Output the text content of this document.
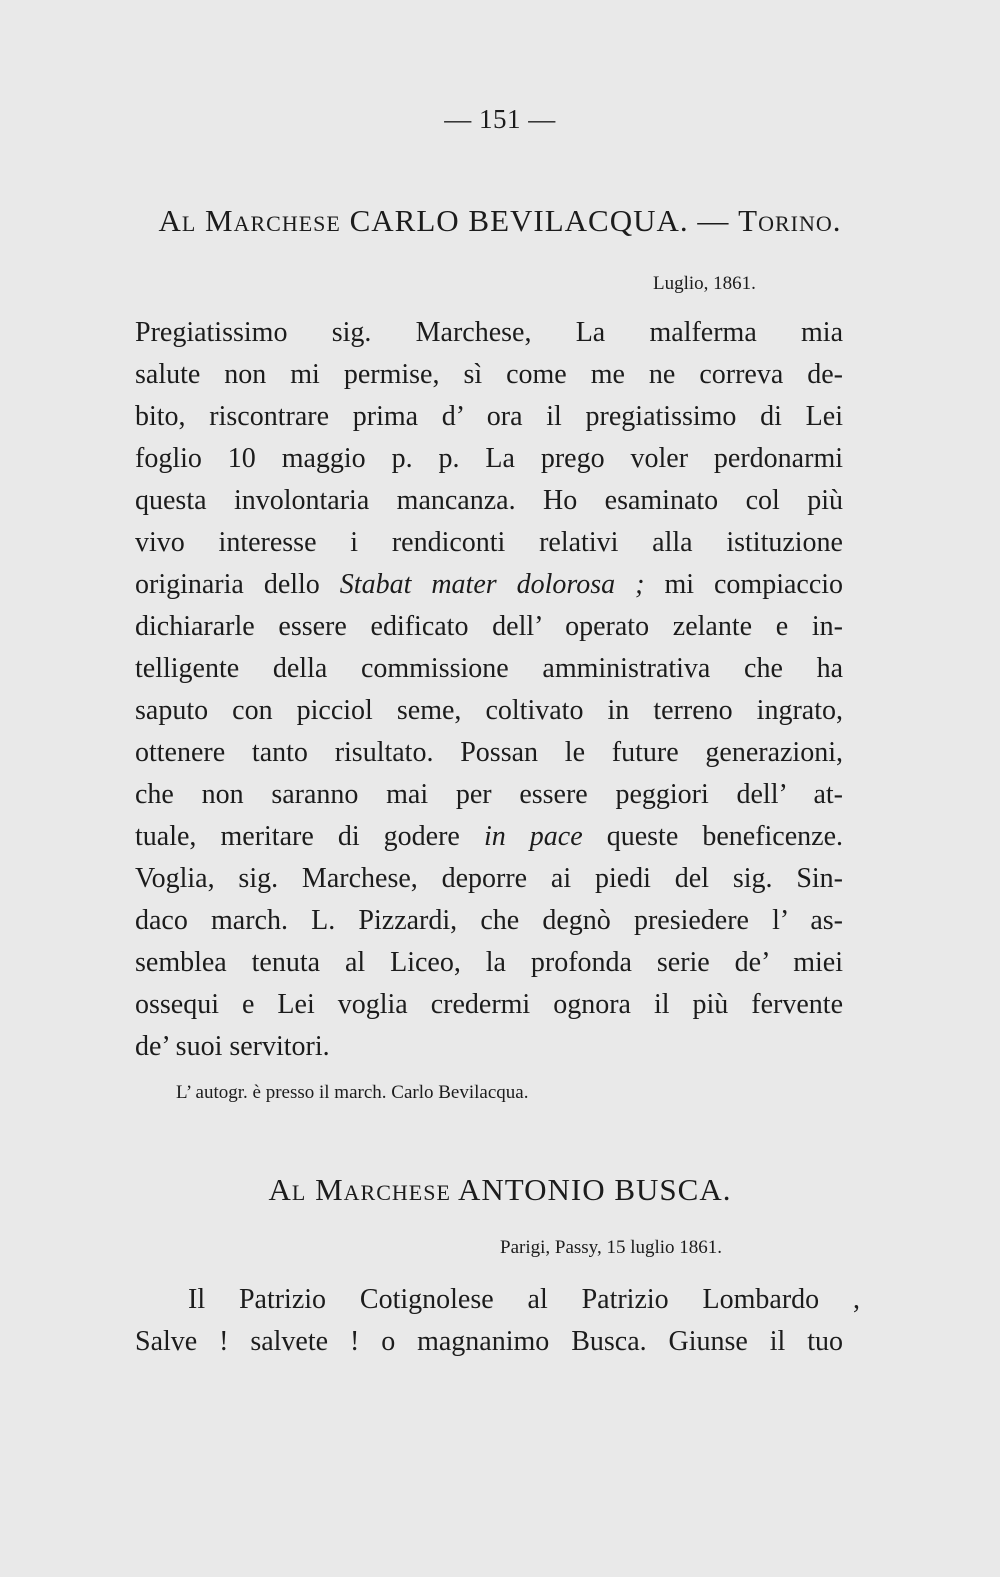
— 151 —
Al Marchese CARLO BEVILACQUA. — Torino.
Luglio, 1861.
Pregiatissimo sig. Marchese, La malferma mia
salute non mi permise, sì come me ne correva de-
bito, riscontrare prima d’ ora il pregiatissimo di Lei
foglio 10 maggio p. p. La prego voler perdonarmi
questa involontaria mancanza. Ho esaminato col più
vivo interesse i rendiconti relativi alla istituzione
originaria dello Stabat mater dolorosa ; mi compiaccio
dichiararle essere edificato dell’ operato zelante e in-
telligente della commissione amministrativa che ha
saputo con picciol seme, coltivato in terreno ingrato,
ottenere tanto risultato. Possan le future generazioni,
che non saranno mai per essere peggiori dell’ at-
tuale, meritare di godere in pace queste beneficenze.
Voglia, sig. Marchese, deporre ai piedi del sig. Sin-
daco march. L. Pizzardi, che degnò presiedere l’ as-
semblea tenuta al Liceo, la profonda serie de’ miei
ossequi e Lei voglia credermi ognora il più fervente
de’ suoi servitori.
L’ autogr. è presso il march. Carlo Bevilacqua.
Al Marchese ANTONIO BUSCA.
Parigi, Passy, 15 luglio 1861.
Il Patrizio Cotignolese al Patrizio Lombardo ,
Salve ! salvete ! o magnanimo Busca. Giunse il tuo
